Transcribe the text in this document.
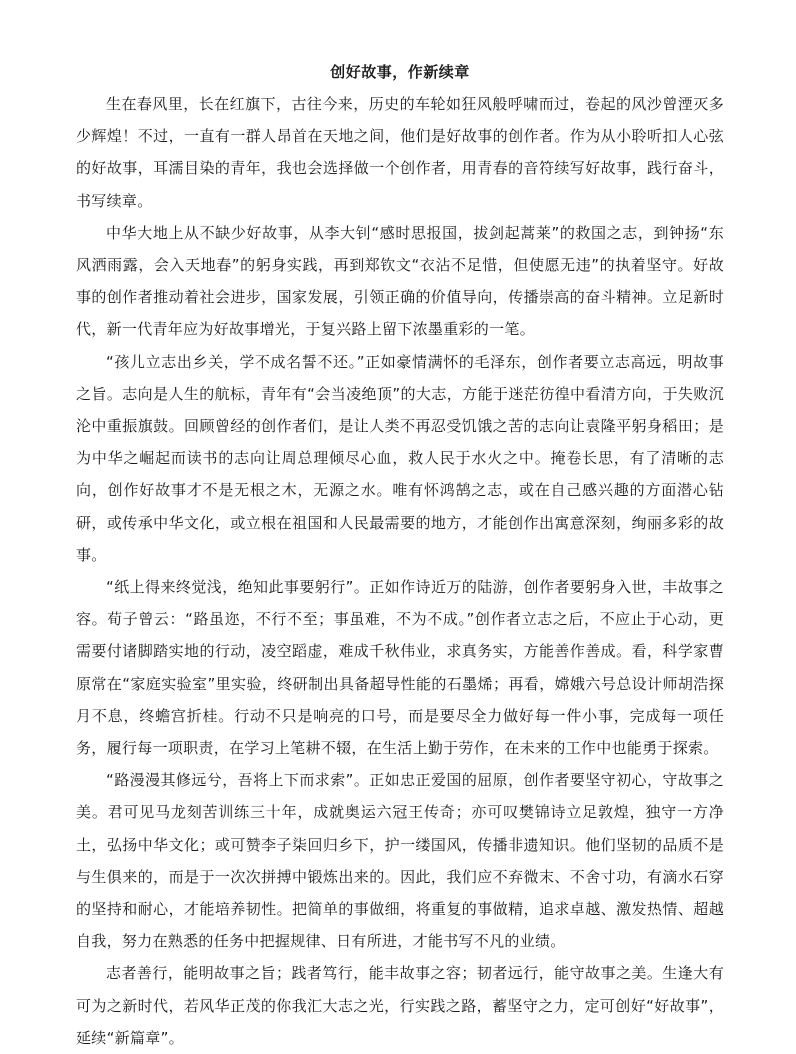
创好故事，作新续章

生在春风里，长在红旗下，古往今来，历史的车轮如狂风般呼啸而过，卷起的风沙曾湮灭多少辉煌！不过，一直有一群人昂首在天地之间，他们是好故事的创作者。作为从小聆听扣人心弦的好故事，耳濡目染的青年，我也会选择做一个创作者，用青春的音符续写好故事，践行奋斗，书写续章。

中华大地上从不缺少好故事，从李大钊“感时思报国，拔剑起蒿莱”的救国之志，到钟扬“东风洒雨露，会入天地春”的躬身实践，再到郑钦文“衣沾不足惜，但使愿无违”的执着坚守。好故事的创作者推动着社会进步，国家发展，引领正确的价值导向，传播崇高的奋斗精神。立足新时代，新一代青年应为好故事增光，于复兴路上留下浓墨重彩的一笔。

“孩儿立志出乡关，学不成名誓不还。”正如豪情满怀的毛泽东，创作者要立志高远，明故事之旨。志向是人生的航标，青年有“会当凌绝顶”的大志，方能于迷茫彷徨中看清方向，于失败沉沦中重振旗鼓。回顾曾经的创作者们，是让人类不再忍受饥饿之苦的志向让袁隆平躬身稻田；是为中华之崛起而读书的志向让周总理倾尽心血，救人民于水火之中。掩卷长思，有了清晰的志向，创作好故事才不是无根之木，无源之水。唯有怀鸿鹄之志，或在自己感兴趣的方面潜心钻研，或传承中华文化，或立根在祖国和人民最需要的地方，才能创作出寓意深刻，绚丽多彩的故事。

“纸上得来终觉浅，绝知此事要躬行”。正如作诗近万的陆游，创作者要躬身入世，丰故事之容。荀子曾云：“路虽迩，不行不至；事虽难，不为不成。”创作者立志之后，不应止于心动，更需要付诸脚踏实地的行动，凌空蹈虚，难成千秋伟业，求真务实，方能善作善成。看，科学家曹原常在“家庭实验室”里实验，终研制出具备超导性能的石墨烯；再看，嫦娥六号总设计师胡浩探月不息，终蟾宫折桂。行动不只是响亮的口号，而是要尽全力做好每一件小事，完成每一项任务，履行每一项职责，在学习上笔耕不辍，在生活上勤于劳作，在未来的工作中也能勇于探索。

“路漫漫其修远兮，吾将上下而求索”。正如忠正爱国的屈原，创作者要坚守初心，守故事之美。君可见马龙刻苦训练三十年，成就奥运六冠王传奇；亦可叹樊锦诗立足敦煌，独守一方净土，弘扬中华文化；或可赞李子柒回归乡下，护一缕国风，传播非遗知识。他们坚韧的品质不是与生俱来的，而是于一次次拼搏中锻炼出来的。因此，我们应不弃微末、不舍寸功，有滴水石穿的坚持和耐心，才能培养韧性。把简单的事做细，将重复的事做精，追求卓越、激发热情、超越自我，努力在熟悉的任务中把握规律、日有所进，才能书写不凡的业绩。

志者善行，能明故事之旨；践者笃行，能丰故事之容；韧者远行，能守故事之美。生逢大有可为之新时代，若风华正茂的你我汇大志之光，行实践之路，蓄坚守之力，定可创好“好故事”，延续“新篇章”。
